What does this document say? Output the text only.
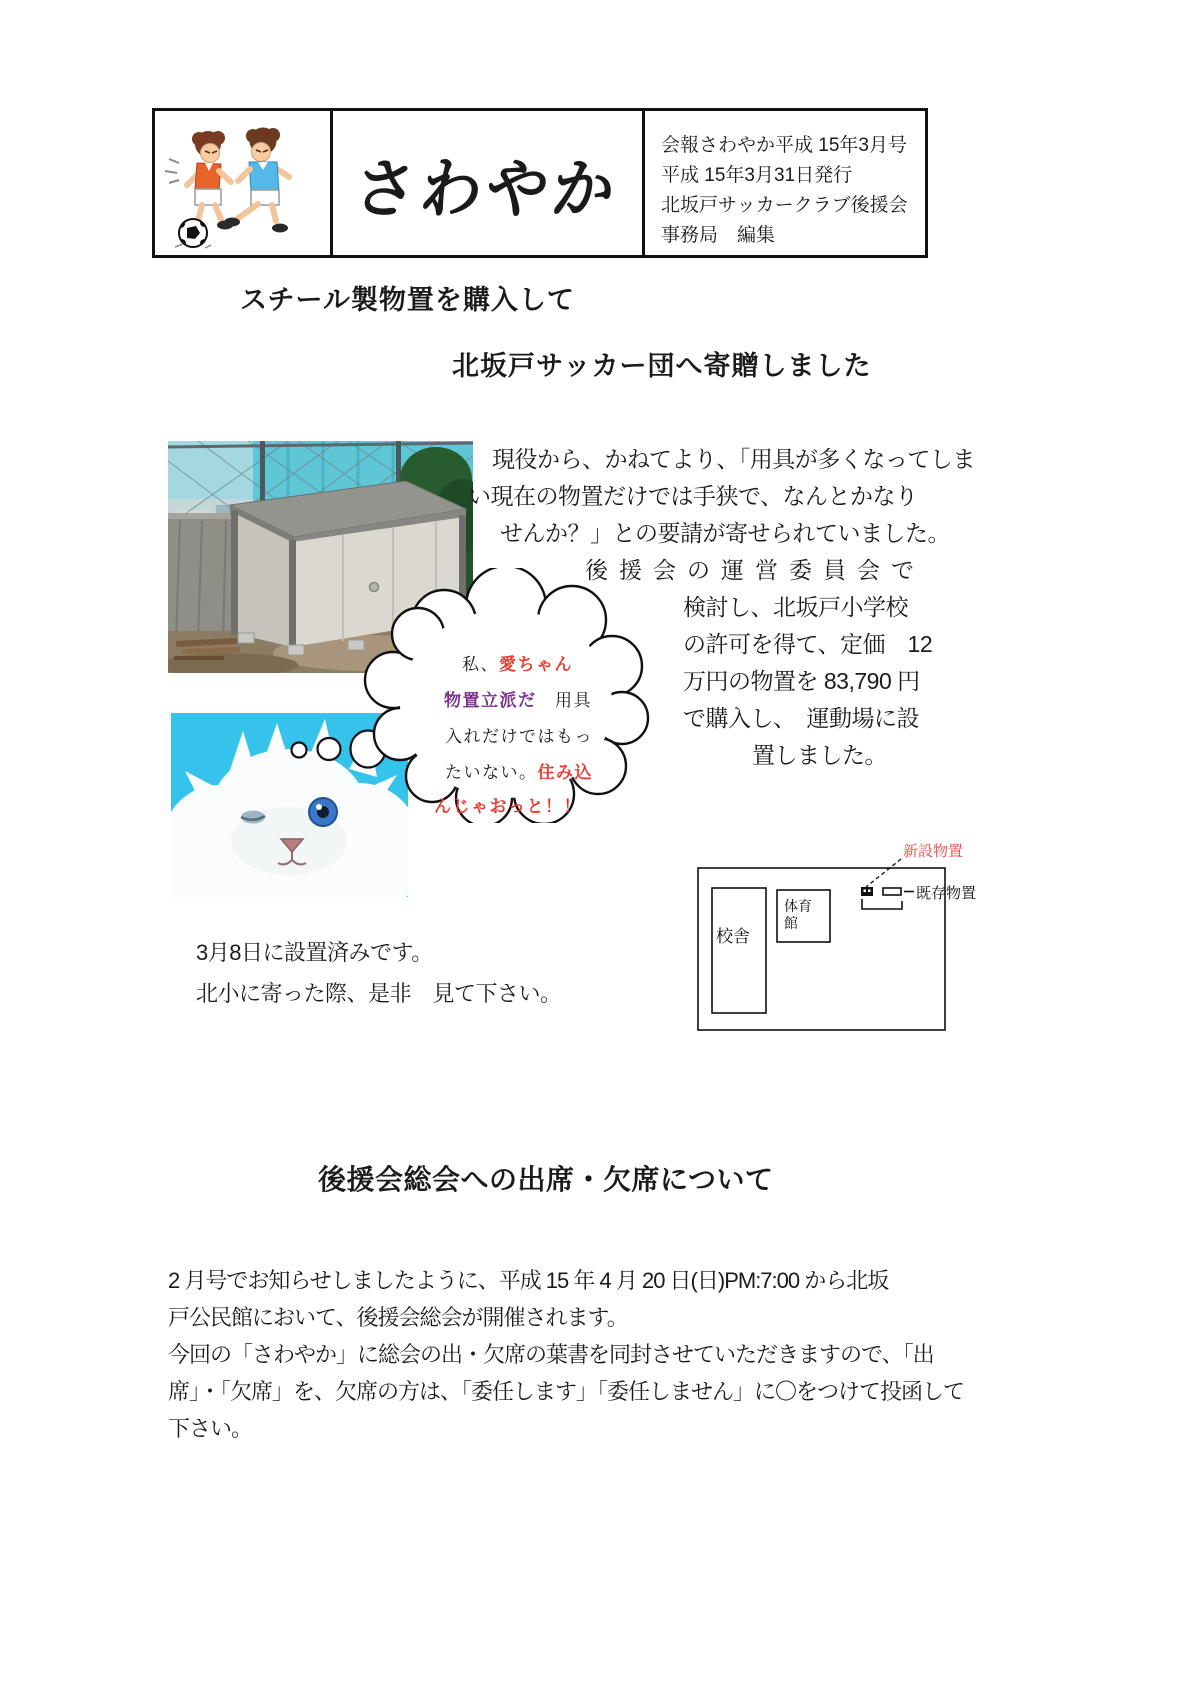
さわやか
会報さわやか平成 15年3月号
平成 15年3月31日発行
北坂戸サッカークラブ後援会
事務局　編集
スチール製物置を購入して
北坂戸サッカー団へ寄贈しました
現役から、かねてより、「用具が多くなってしま
い現在の物置だけでは手狭で、なんとかなり
せんか？」との要請が寄せられていました。
後援会の運営委員会で
検討し、北坂戸小学校
の許可を得て、定価　12
万円の物置を 83,790 円
で購入し、　運動場に設
置しました。
私、愛ちゃん
物置立派だ　用具
入れだけではもっ
たいない。住み込
んじゃおっと！！
3月8日に設置済みです。
北小に寄った際、是非　見て下さい。
校舎
体育
館
既存物置
新設物置
後援会総会への出席・欠席について
2 月号でお知らせしましたように、平成 15 年 4 月 20 日(日)PM:7:00 から北坂
戸公民館において、後援会総会が開催されます。
今回の「さわやか」に総会の出・欠席の葉書を同封させていただきますので、「出
席」・「欠席」を、欠席の方は、「委任します」「委任しません」に〇をつけて投函して
下さい。
